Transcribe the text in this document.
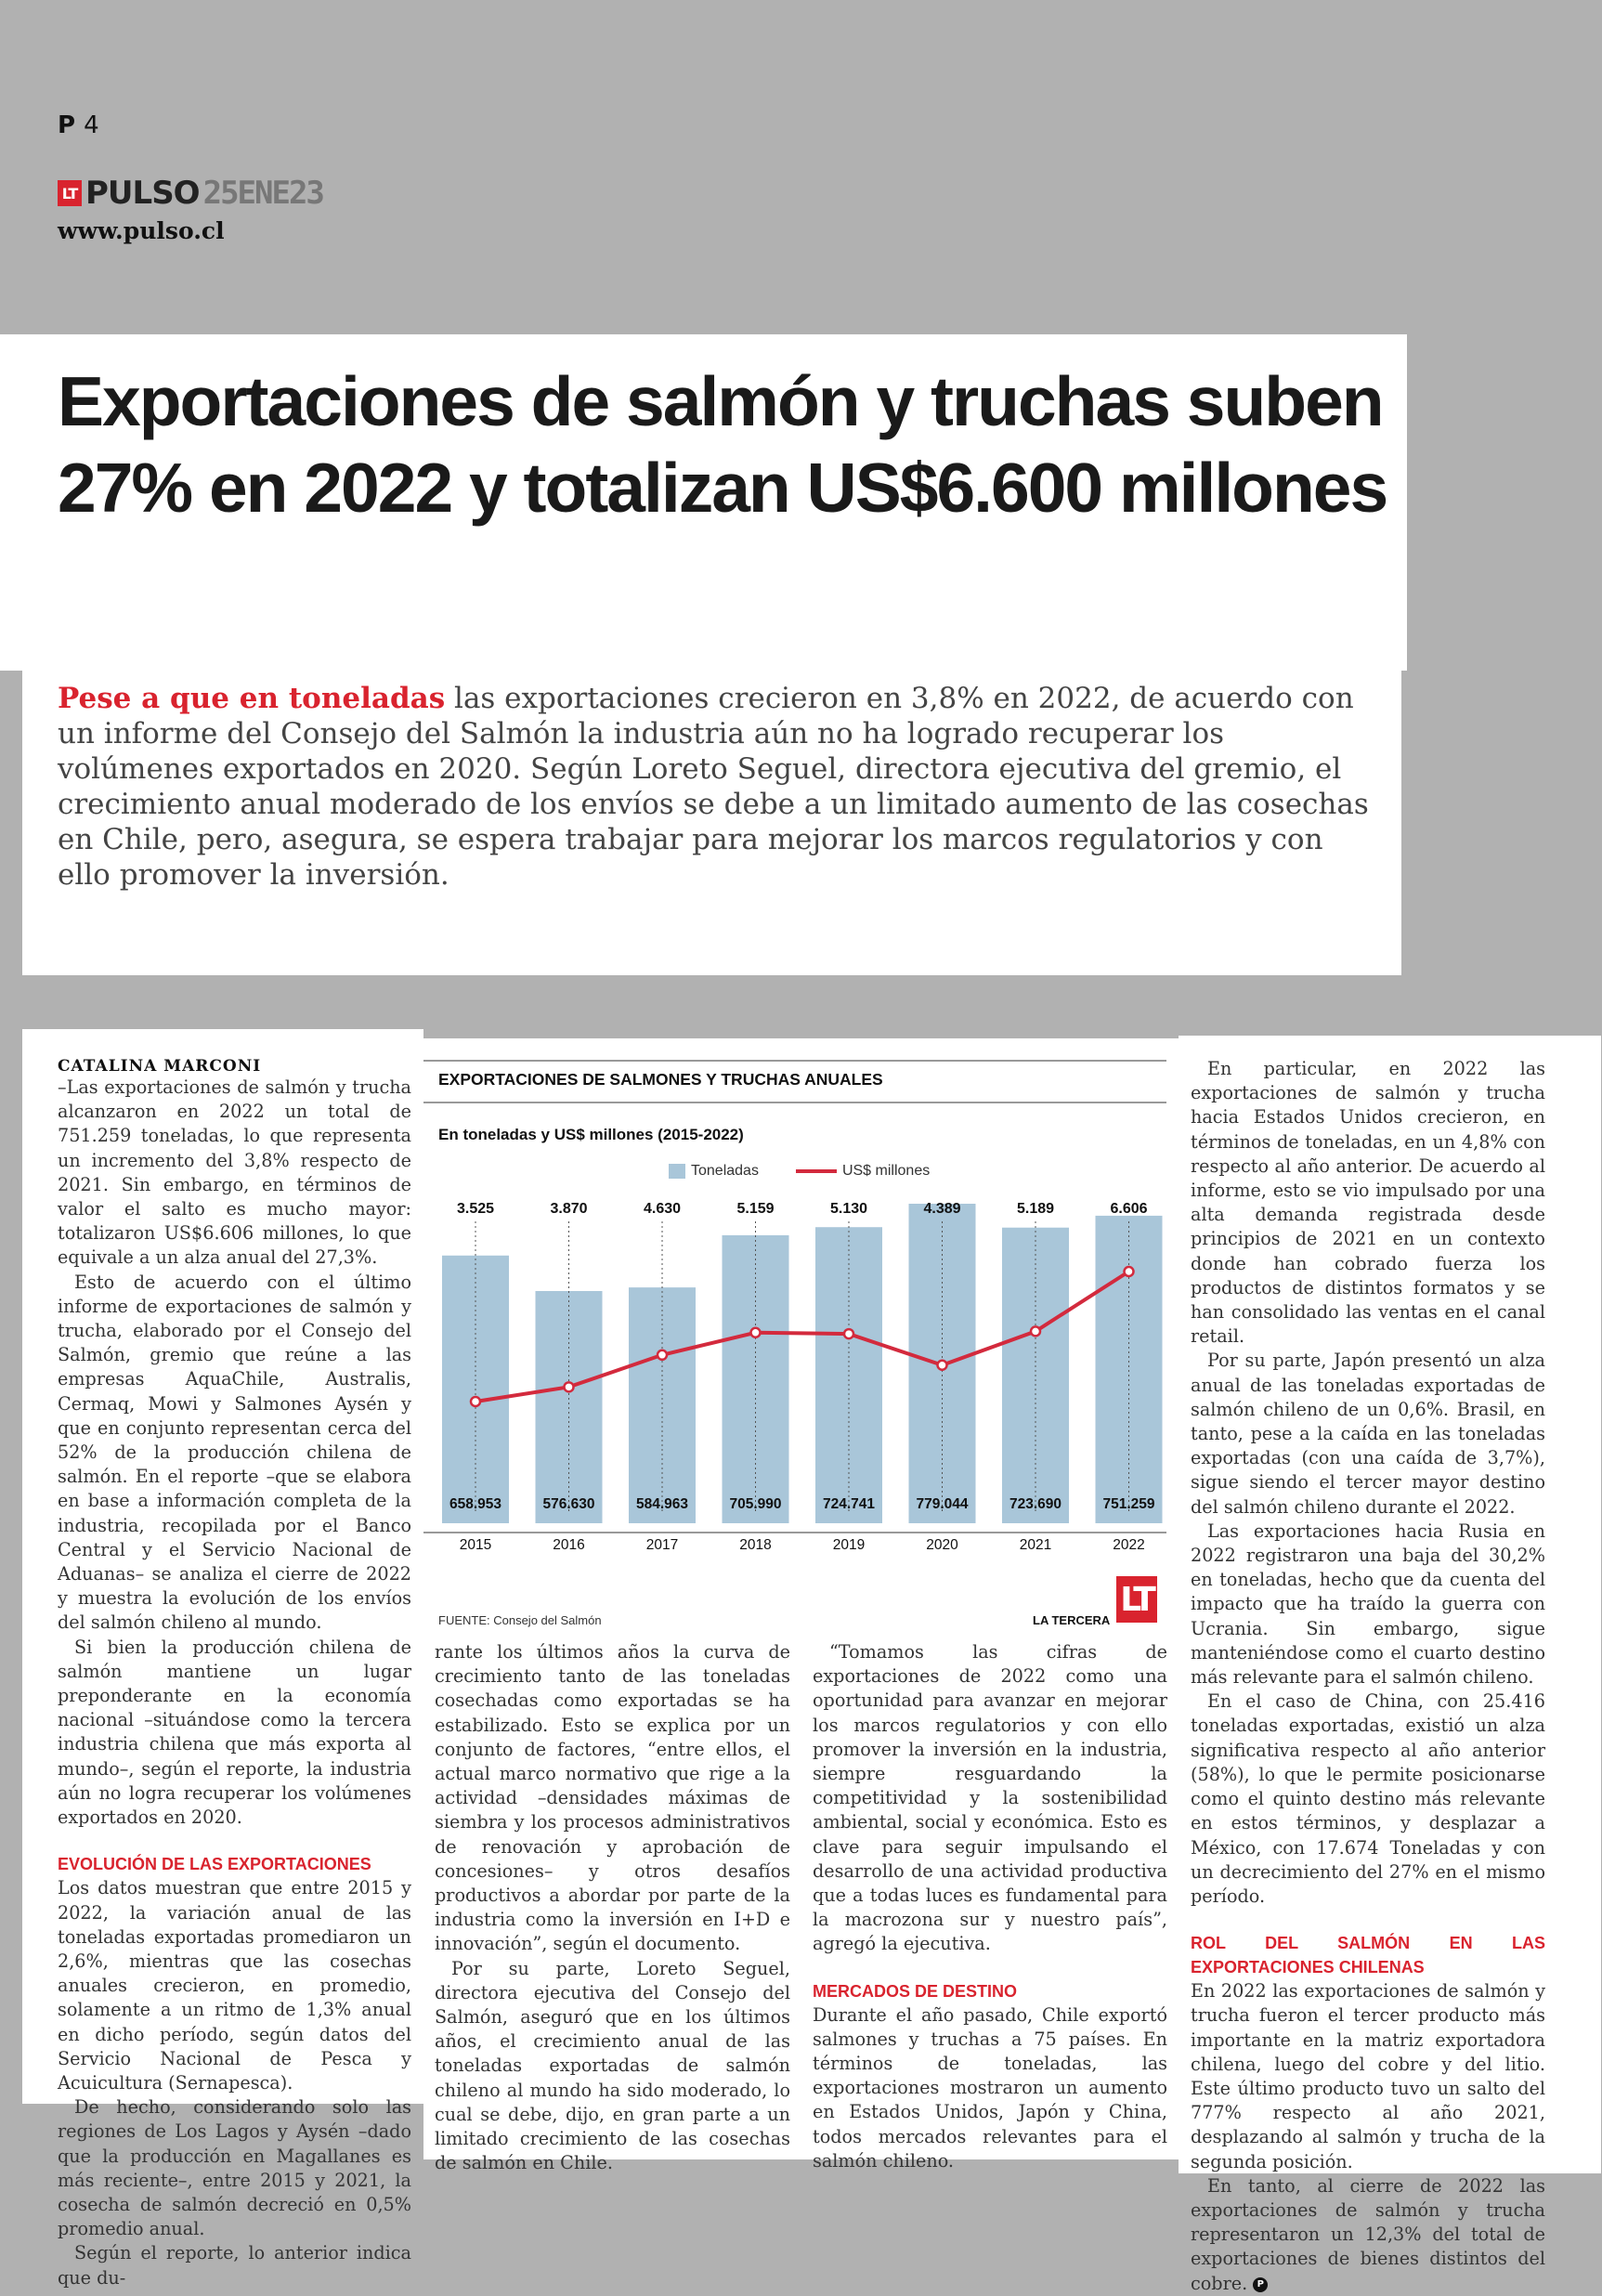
P 4
LT PULSO 25ENE23
www.pulso.cl
Exportaciones de salmón y truchas suben 27% en 2022 y totalizan US$6.600 millones

Pese a que en toneladas las exportaciones crecieron en 3,8% en 2022, de acuerdo con un informe del Consejo del Salmón la industria aún no ha logrado recuperar los volúmenes exportados en 2020. Según Loreto Seguel, directora ejecutiva del gremio, el crecimiento anual moderado de los envíos se debe a un limitado aumento de las cosechas en Chile, pero, asegura, se espera trabajar para mejorar los marcos regulatorios y con ello promover la inversión.

CATALINA MARCONI

–Las exportaciones de salmón y trucha alcanzaron en 2022 un total de 751.259 toneladas, lo que representa un incremento del 3,8% respecto de 2021. Sin embargo, en términos de valor el salto es mucho mayor: totalizaron US$6.606 millones, lo que equivale a un alza anual del 27,3%.

Esto de acuerdo con el último informe de exportaciones de salmón y trucha, elaborado por el Consejo del Salmón, gremio que reúne a las empresas AquaChile, Australis, Cermaq, Mowi y Salmones Aysén y que en conjunto representan cerca del 52% de la producción chilena de salmón. En el reporte –que se elabora en base a información completa de la industria, recopilada por el Banco Central y el Servicio Nacional de Aduanas– se analiza el cierre de 2022 y muestra la evolución de los envíos del salmón chileno al mundo.

Si bien la producción chilena de salmón mantiene un lugar preponderante en la economía nacional –situándose como la tercera industria chilena que más exporta al mundo–, según el reporte, la industria aún no logra recuperar los volúmenes exportados en 2020.

EVOLUCIÓN DE LAS EXPORTACIONES

Los datos muestran que entre 2015 y 2022, la variación anual de las toneladas exportadas promediaron un 2,6%, mientras que las cosechas anuales crecieron, en promedio, solamente a un ritmo de 1,3% anual en dicho período, según datos del Servicio Nacional de Pesca y Acuicultura (Sernapesca).

De hecho, considerando solo las regiones de Los Lagos y Aysén –dado que la producción en Magallanes es más reciente–, entre 2015 y 2021, la cosecha de salmón decreció en 0,5% promedio anual.

Según el reporte, lo anterior indica que du-

EXPORTACIONES DE SALMONES Y TRUCHAS ANUALES
En toneladas y US$ millones (2015-2022)
Toneladas	US$ millones
3.525
658.953
2015
3.870
576.630
2016
4.630
584.963
2017
5.159
705.990
2018
5.130
724.741
2019
4.389
779.044
2020
5.189
723.690
2021
6.606
751.259
2022
FUENTE: Consejo del Salmón	LA TERCERA
LT

rante los últimos años la curva de crecimiento tanto de las toneladas cosechadas como exportadas se ha estabilizado. Esto se explica por un conjunto de factores, “entre ellos, el actual marco normativo que rige a la actividad –densidades máximas de siembra y los procesos administrativos de renovación y aprobación de concesiones– y otros desafíos productivos a abordar por parte de la industria como la inversión en I+D e innovación”, según el documento.

Por su parte, Loreto Seguel, directora ejecutiva del Consejo del Salmón, aseguró que en los últimos años, el crecimiento anual de las toneladas exportadas de salmón chileno al mundo ha sido moderado, lo cual se debe, dijo, en gran parte a un limitado crecimiento de las cosechas de salmón en Chile.

“Tomamos las cifras de exportaciones de 2022 como una oportunidad para avanzar en mejorar los marcos regulatorios y con ello promover la inversión en la industria, siempre resguardando la competitividad y la sostenibilidad ambiental, social y económica. Esto es clave para seguir impulsando el desarrollo de una actividad productiva que a todas luces es fundamental para la macrozona sur y nuestro país”, agregó la ejecutiva.

MERCADOS DE DESTINO

Durante el año pasado, Chile exportó salmones y truchas a 75 países. En términos de toneladas, las exportaciones mostraron un aumento en Estados Unidos, Japón y China, todos mercados relevantes para el salmón chileno.

En particular, en 2022 las exportaciones de salmón y trucha hacia Estados Unidos crecieron, en términos de toneladas, en un 4,8% con respecto al año anterior. De acuerdo al informe, esto se vio impulsado por una alta demanda registrada desde principios de 2021 en un contexto donde han cobrado fuerza los productos de distintos formatos y se han consolidado las ventas en el canal retail.

Por su parte, Japón presentó un alza anual de las toneladas exportadas de salmón chileno de un 0,6%. Brasil, en tanto, pese a la caída en las toneladas exportadas (con una caída de 3,7%), sigue siendo el tercer mayor destino del salmón chileno durante el 2022.

Las exportaciones hacia Rusia en 2022 registraron una baja del 30,2% en toneladas, hecho que da cuenta del impacto que ha traído la guerra con Ucrania. Sin embargo, sigue manteniéndose como el cuarto destino más relevante para el salmón chileno.

En el caso de China, con 25.416 toneladas exportadas, existió un alza significativa respecto al año anterior (58%), lo que le permite posicionarse como el quinto destino más relevante en estos términos, y desplazar a México, con 17.674 Toneladas y con un decrecimiento del 27% en el mismo período.

ROL DEL SALMÓN EN LAS EXPORTACIONES CHILENAS

En 2022 las exportaciones de salmón y trucha fueron el tercer producto más importante en la matriz exportadora chilena, luego del cobre y del litio. Este último producto tuvo un salto del 777% respecto al año 2021, desplazando al salmón y trucha de la segunda posición.

En tanto, al cierre de 2022 las exportaciones de salmón y trucha representaron un 12,3% del total de exportaciones de bienes distintos del cobre. P
